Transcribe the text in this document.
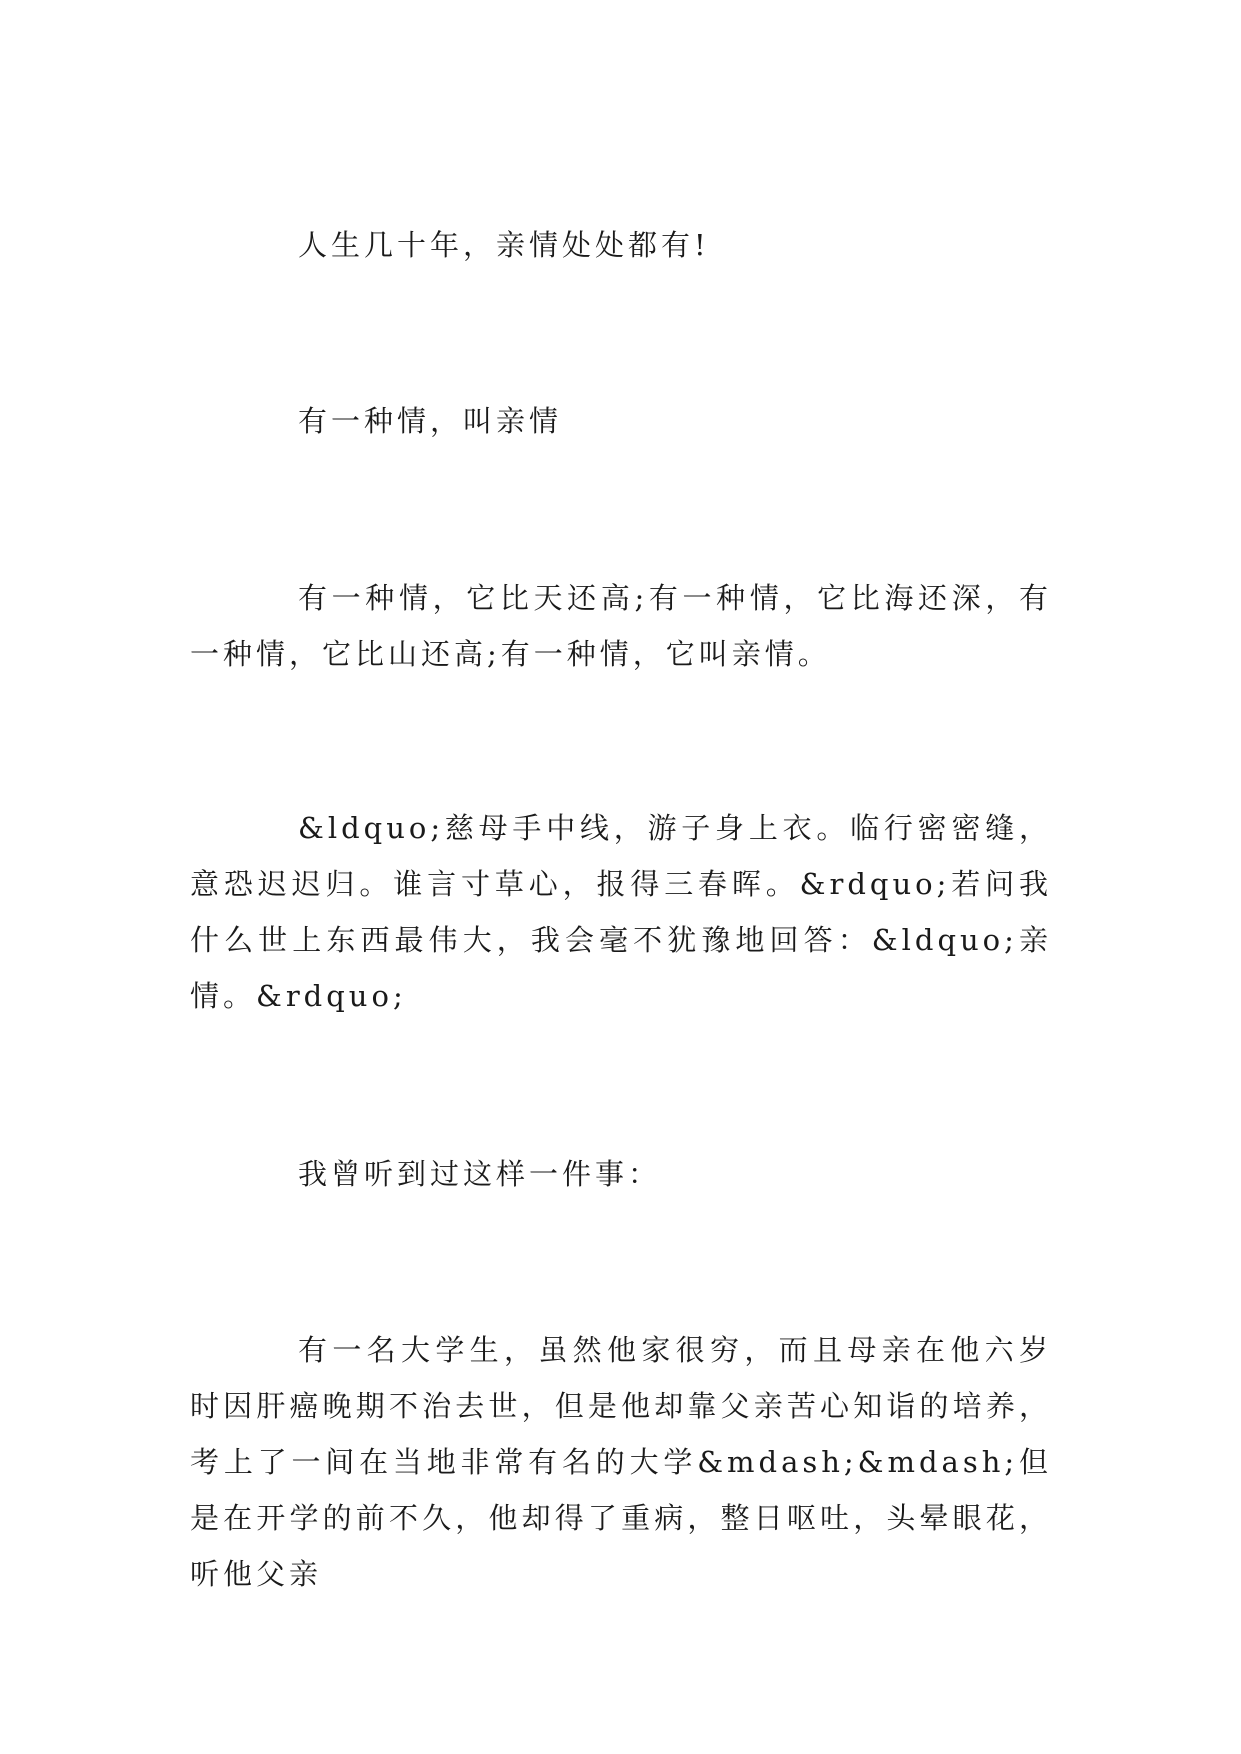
人生几十年，亲情处处都有!

有一种情，叫亲情

有一种情，它比天还高;有一种情，它比海还深，有一种情，它比山还高;有一种情，它叫亲情。

&ldquo;慈母手中线，游子身上衣。临行密密缝，意恐迟迟归。谁言寸草心，报得三春晖。&rdquo;若问我什么世上东西最伟大，我会毫不犹豫地回答：&ldquo;亲情。&rdquo;

我曾听到过这样一件事：

有一名大学生，虽然他家很穷，而且母亲在他六岁时因肝癌晚期不治去世，但是他却靠父亲苦心知诣的培养，考上了一间在当地非常有名的大学&mdash;&mdash;但是在开学的前不久，他却得了重病，整日呕吐，头晕眼花，听他父亲
